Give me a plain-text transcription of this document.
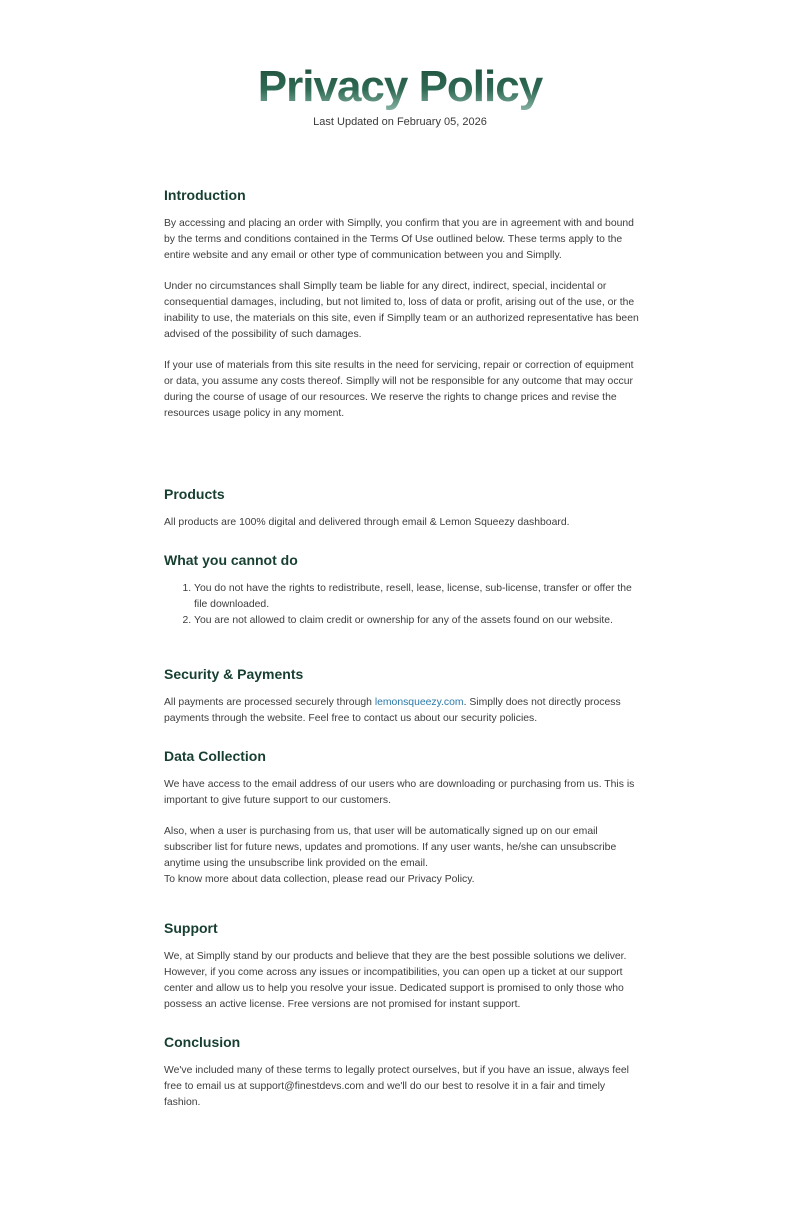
Privacy Policy
Last Updated on February 05, 2026
Introduction

By accessing and placing an order with Simplly, you confirm that you are in agreement with and bound by the terms and conditions contained in the Terms Of Use outlined below. These terms apply to the entire website and any email or other type of communication between you and Simplly.

Under no circumstances shall Simplly team be liable for any direct, indirect, special, incidental or consequential damages, including, but not limited to, loss of data or profit, arising out of the use, or the inability to use, the materials on this site, even if Simplly team or an authorized representative has been advised of the possibility of such damages.

If your use of materials from this site results in the need for servicing, repair or correction of equipment or data, you assume any costs thereof. Simplly will not be responsible for any outcome that may occur during the course of usage of our resources. We reserve the rights to change prices and revise the resources usage policy in any moment.

Products

All products are 100% digital and delivered through email & Lemon Squeezy dashboard.

What you cannot do
1. You do not have the rights to redistribute, resell, lease, license, sub-license, transfer or offer the file downloaded.
2. You are not allowed to claim credit or ownership for any of the assets found on our website.
Security & Payments

All payments are processed securely through lemonsqueezy.com. Simplly does not directly process payments through the website. Feel free to contact us about our security policies.

Data Collection

We have access to the email address of our users who are downloading or purchasing from us. This is important to give future support to our customers.

Also, when a user is purchasing from us, that user will be automatically signed up on our email subscriber list for future news, updates and promotions. If any user wants, he/she can unsubscribe anytime using the unsubscribe link provided on the email.

To know more about data collection, please read our Privacy Policy.

Support

We, at Simplly stand by our products and believe that they are the best possible solutions we deliver. However, if you come across any issues or incompatibilities, you can open up a ticket at our support center and allow us to help you resolve your issue. Dedicated support is promised to only those who possess an active license. Free versions are not promised for instant support.

Conclusion

We've included many of these terms to legally protect ourselves, but if you have an issue, always feel free to email us at support@finestdevs.com and we'll do our best to resolve it in a fair and timely fashion.
